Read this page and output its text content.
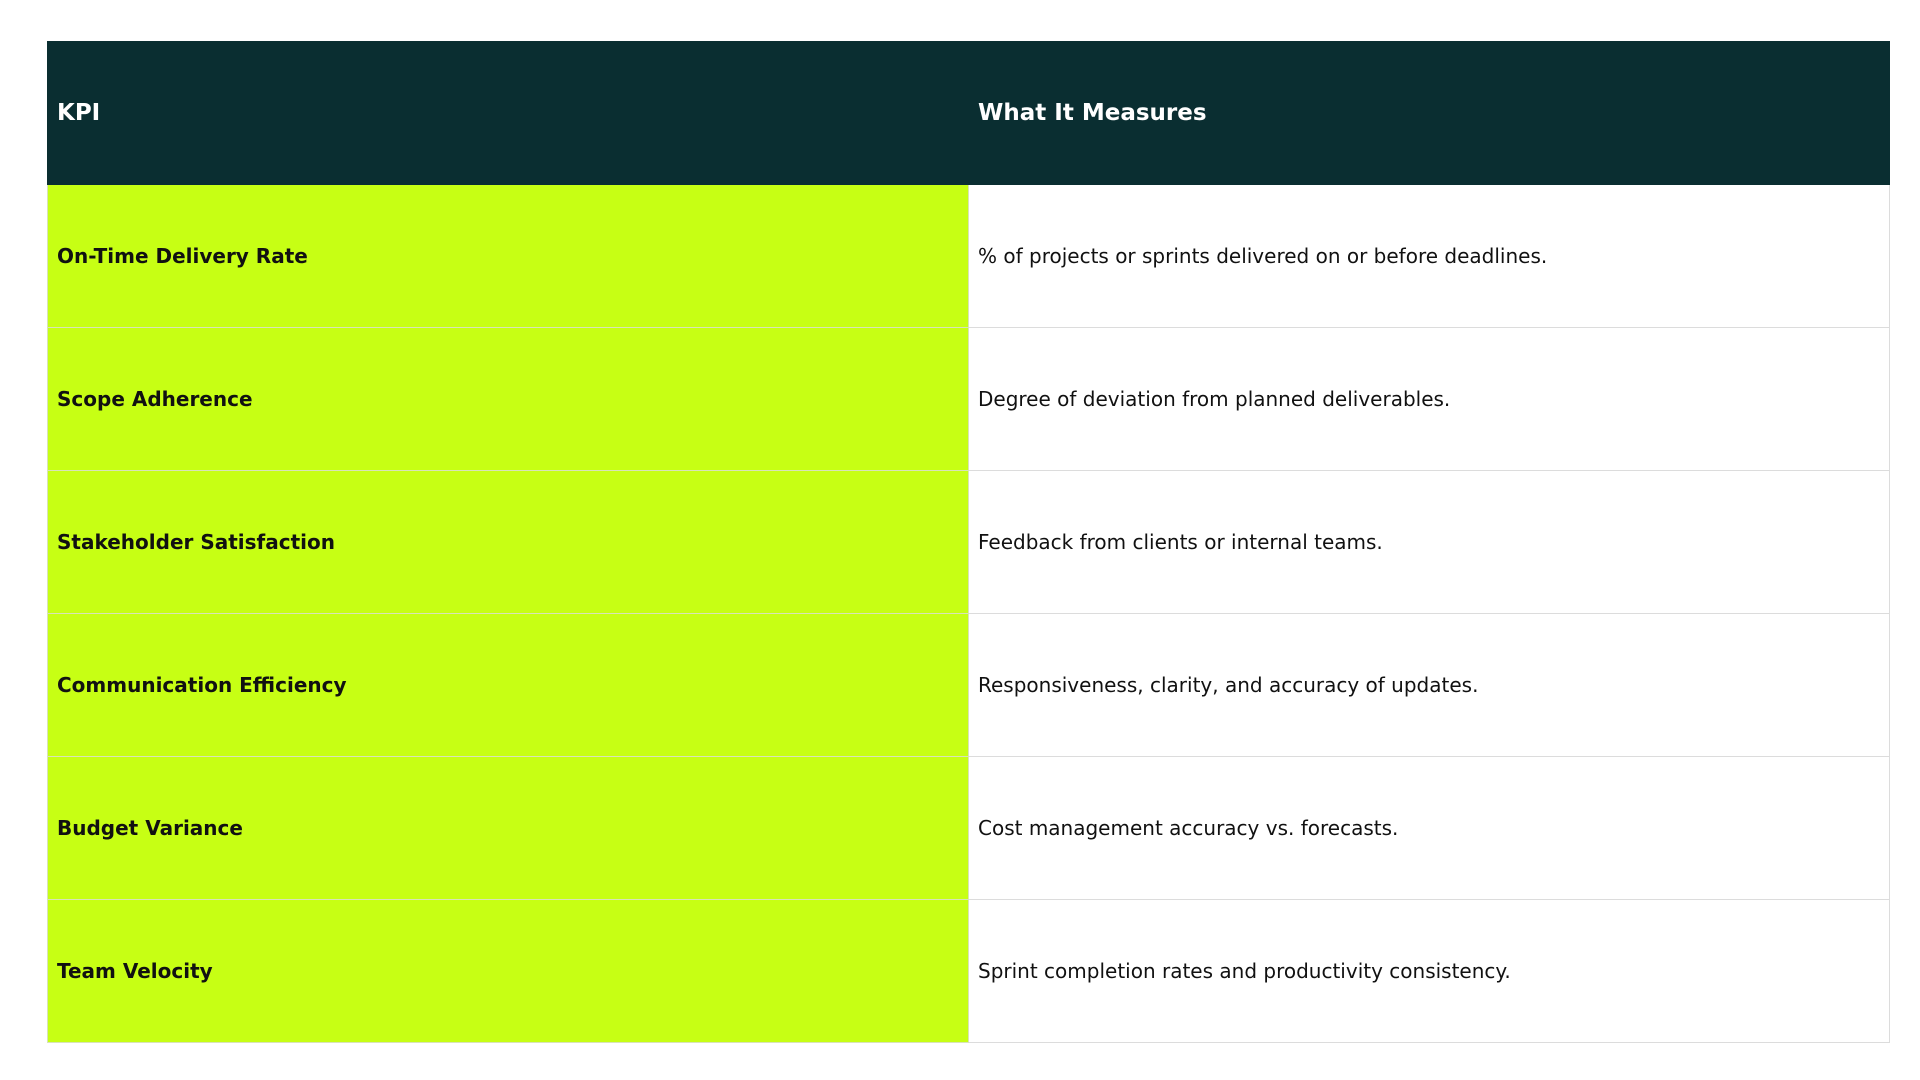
KPI	What It Measures
On-Time Delivery Rate	% of projects or sprints delivered on or before deadlines.
Scope Adherence	Degree of deviation from planned deliverables.
Stakeholder Satisfaction	Feedback from clients or internal teams.
Communication Efficiency	Responsiveness, clarity, and accuracy of updates.
Budget Variance	Cost management accuracy vs. forecasts.
Team Velocity	Sprint completion rates and productivity consistency.
